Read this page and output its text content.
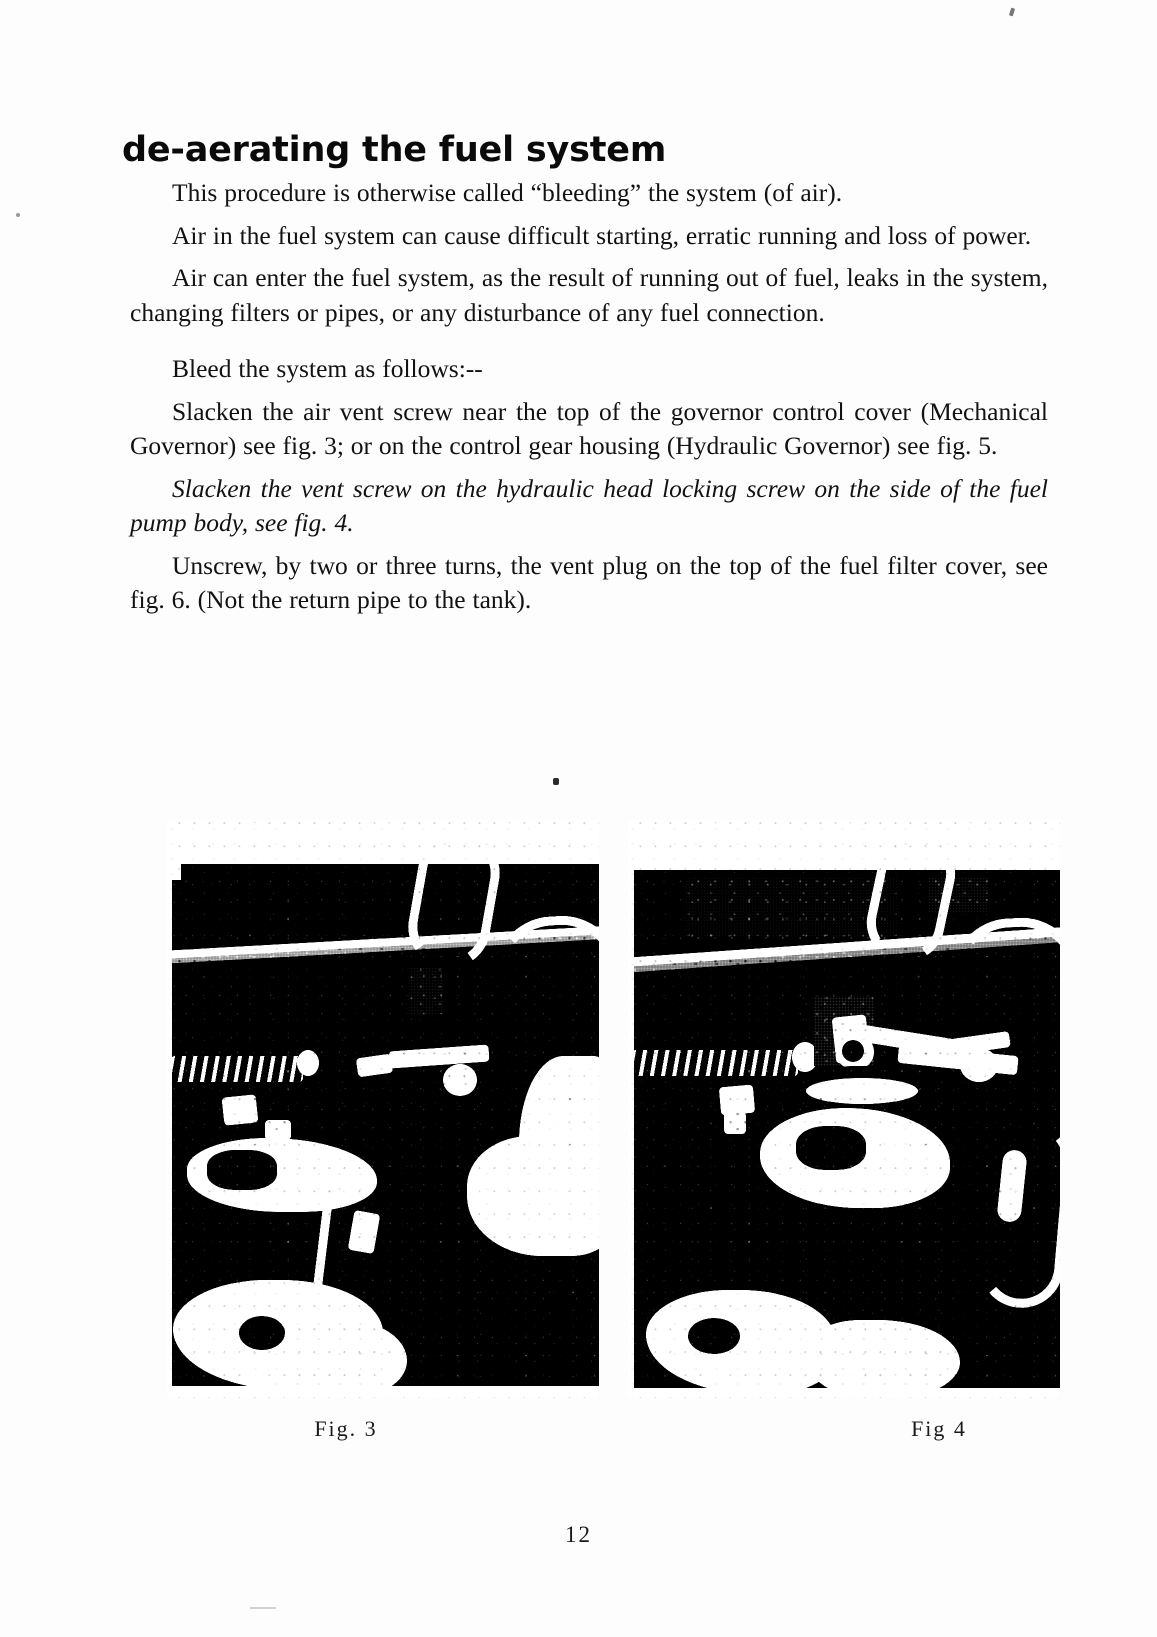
de-aerating the fuel system

This procedure is otherwise called “bleeding” the system (of air).

Air in the fuel system can cause difficult starting, erratic running and loss of power.

Air can enter the fuel system, as the result of running out of fuel, leaks in the system, changing filters or pipes, or any disturbance of any fuel connection.

Bleed the system as follows:--

Slacken the air vent screw near the top of the governor control cover (Mechanical Governor) see fig. 3; or on the control gear housing (Hydraulic Governor) see fig. 5.

Slacken the vent screw on the hydraulic head locking screw on the side of the fuel pump body, see fig. 4.

Unscrew, by two or three turns, the vent plug on the top of the fuel filter cover, see fig. 6. (Not the return pipe to the tank).

Fig. 3	Fig 4
12
